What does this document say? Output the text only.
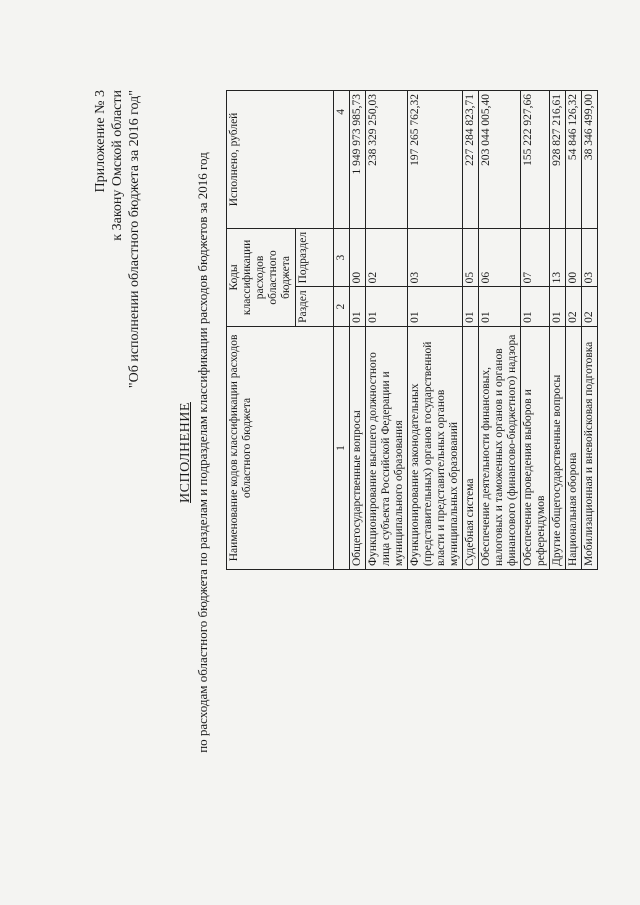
Приложение № 3 к Закону Омской области "Об исполнении областного бюджета за 2016 год"
ИСПОЛНЕНИЕ по расходам областного бюджета по разделам и подразделам классификации расходов бюджетов за 2016 год Наименование кодов классификации расходов областного бюджета	Коды классификации расходов областного бюджета		Исполнено, рублей
	Раздел	Подраздел	
1	2	3	4
Общегосударственные вопросы	01	00	1 949 973 985,73
Функционирование высшего должностного лица субъекта Российской Федерации и муниципального образования	01	02	238 329 250,03
Функционирование законодательных (представительных) органов государственной власти и представительных органов муниципальных образований	01	03	197 265 762,32
Судебная система	01	05	227 284 823,71
Обеспечение деятельности финансовых, налоговых и таможенных органов и органов финансового (финансово-бюджетного) надзора	01	06	203 044 005,40
Обеспечение проведения выборов и референдумов	01	07	155 222 927,66
Другие общегосударственные вопросы	01	13	928 827 216,61
Национальная оборона	02	00	54 846 126,32
Мобилизационная и вневойсковая подготовка	02	03	38 346 499,00
